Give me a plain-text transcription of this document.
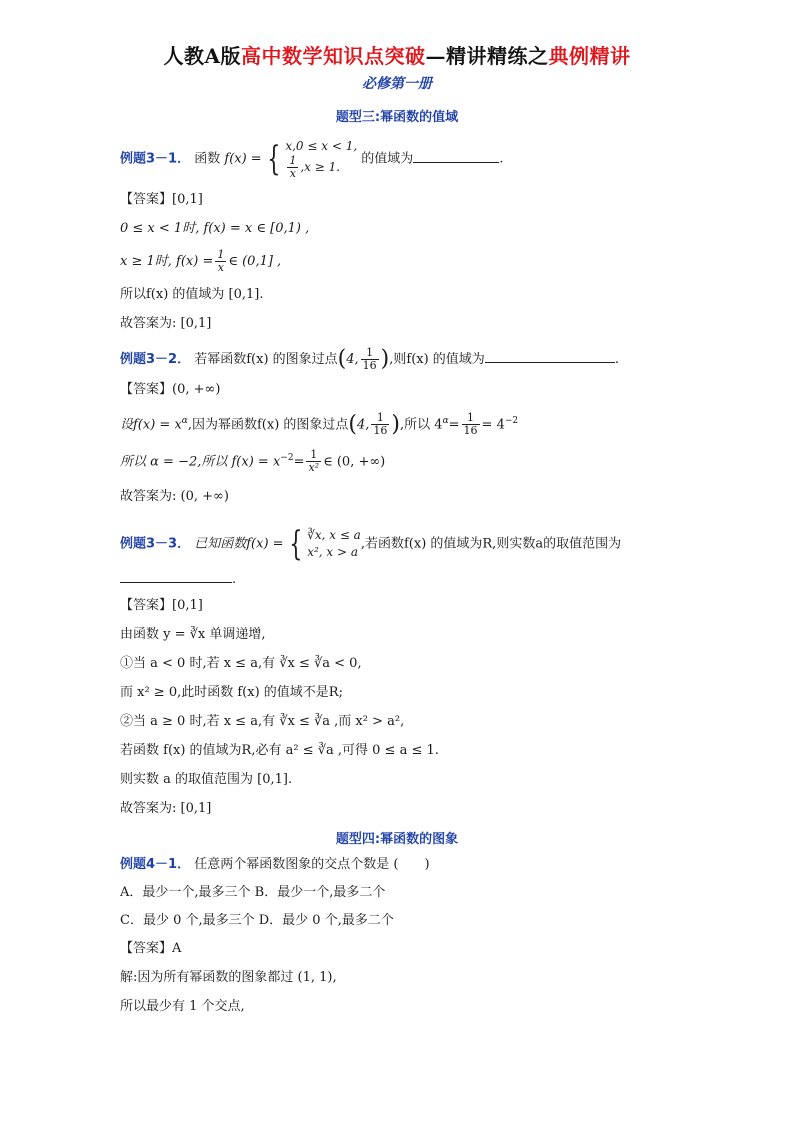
人教A版高中数学知识点突破—精讲精练之典例精讲
必修第一册
题型三:幂函数的值域
例题3－1． 函数 f(x) = { x,0 ≤ x < 1,
$\frac{1}{x} ,x \ge 1$.
的值域为	.
【答案】[0,1]
0 ≤ x < 1时, f(x) = x ∈ [0,1) ,
x ≥ 1时, $f(x) = \frac{1}{x}$ ∈ (0,1] ,
所以f(x) 的值域为 [0,1].
故答案为: [0,1]
例题3－2． 若幂函数f(x) 的图象过点(4, $\frac{1}{16}$ ),则f(x) 的值域为	.
【答案】(0, +∞)
设$f(x) = x^\alpha$,因为幂函数f(x) 的图象过点(4, $\frac{1}{16}$ ),所以 $4^\alpha= \frac{1}{16} = 4^{-2}$
所以 α = −2,所以 $f(x) = x^{-2}= \frac{1}{\text{x²}}$ ∈ (0, +∞)
故答案为: (0, +∞)
例题3－3． 已知函数f(x) = { ∛x, x ≤ a
x², x > a
,若函数f(x) 的值域为R,则实数a的取值范围为
.
【答案】[0,1]
由函数 y = ∛x 单调递增,
①当 a < 0 时,若 x ≤ a,有 ∛x ≤ ∛a < 0,
而 x² ≥ 0,此时函数 f(x) 的值域不是R;
②当 a ≥ 0 时,若 x ≤ a,有 ∛x ≤ ∛a ,而 x² > a²,
若函数 f(x) 的值域为R,必有 a² ≤ ∛a ,可得 0 ≤ a ≤ 1.
则实数 a 的取值范围为 [0,1].
故答案为: [0,1]
题型四:幂函数的图象
例题4－1． 任意两个幂函数图象的交点个数是 (　　)
A．最少一个,最多三个 B．最少一个,最多二个
C．最少 0 个,最多三个 D．最少 0 个,最多二个
【答案】A
解:因为所有幂函数的图象都过 (1, 1),
所以最少有 1 个交点,
